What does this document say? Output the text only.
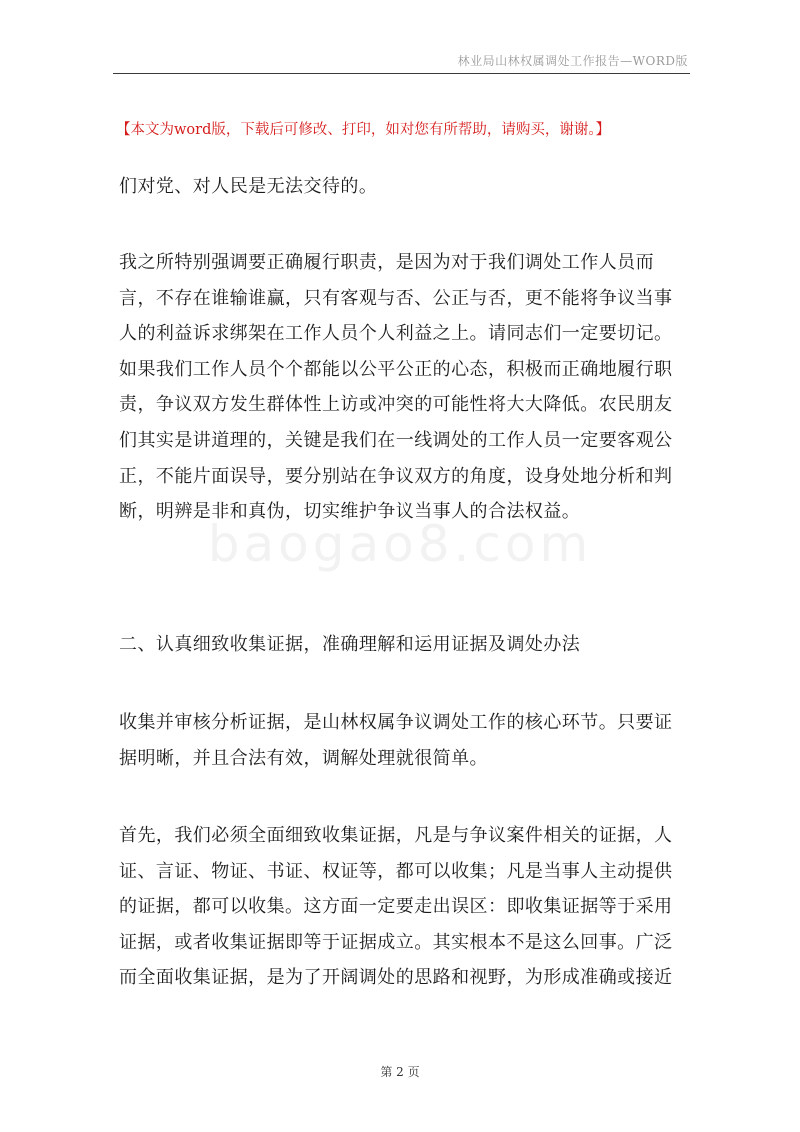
林业局山林权属调处工作报告—WORD版
【本文为word版，下载后可修改、打印，如对您有所帮助，请购买，谢谢。】

们对党、对人民是无法交待的。

我之所特别强调要正确履行职责，是因为对于我们调处工作人员而言，不存在谁输谁赢，只有客观与否、公正与否，更不能将争议当事人的利益诉求绑架在工作人员个人利益之上。请同志们一定要切记。如果我们工作人员个个都能以公平公正的心态，积极而正确地履行职责，争议双方发生群体性上访或冲突的可能性将大大降低。农民朋友们其实是讲道理的，关键是我们在一线调处的工作人员一定要客观公正，不能片面误导，要分别站在争议双方的角度，设身处地分析和判断，明辨是非和真伪，切实维护争议当事人的合法权益。

二、认真细致收集证据，准确理解和运用证据及调处办法

收集并审核分析证据，是山林权属争议调处工作的核心环节。只要证据明晰，并且合法有效，调解处理就很简单。

首先，我们必须全面细致收集证据，凡是与争议案件相关的证据，人证、言证、物证、书证、权证等，都可以收集；凡是当事人主动提供的证据，都可以收集。这方面一定要走出误区：即收集证据等于采用证据，或者收集证据即等于证据成立。其实根本不是这么回事。广泛而全面收集证据，是为了开阔调处的思路和视野，为形成准确或接近

baogao8.com
第 2 页
